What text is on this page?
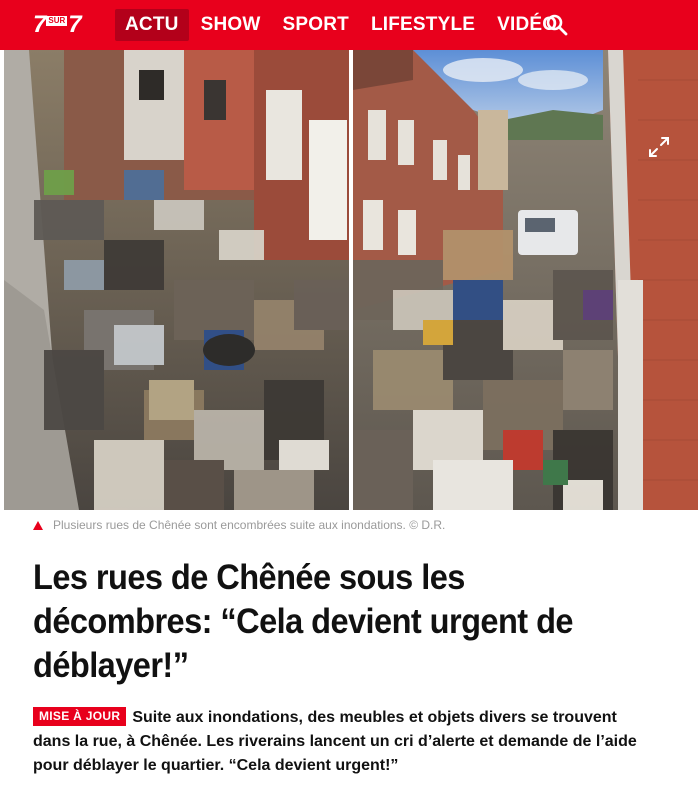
7 SUR 7	ACTU	SHOW	SPORT	LIFESTYLE	VIDÉO
Plusieurs rues de Chênée sont encombrées suite aux inondations. © D.R.
Les rues de Chênée sous les décombres: “Cela devient urgent de déblayer!”

MISE À JOUR Suite aux inondations, des meubles et objets divers se trouvent dans la rue, à Chênée. Les riverains lancent un cri d’alerte et demande de l’aide pour déblayer le quartier. “Cela devient urgent!”
